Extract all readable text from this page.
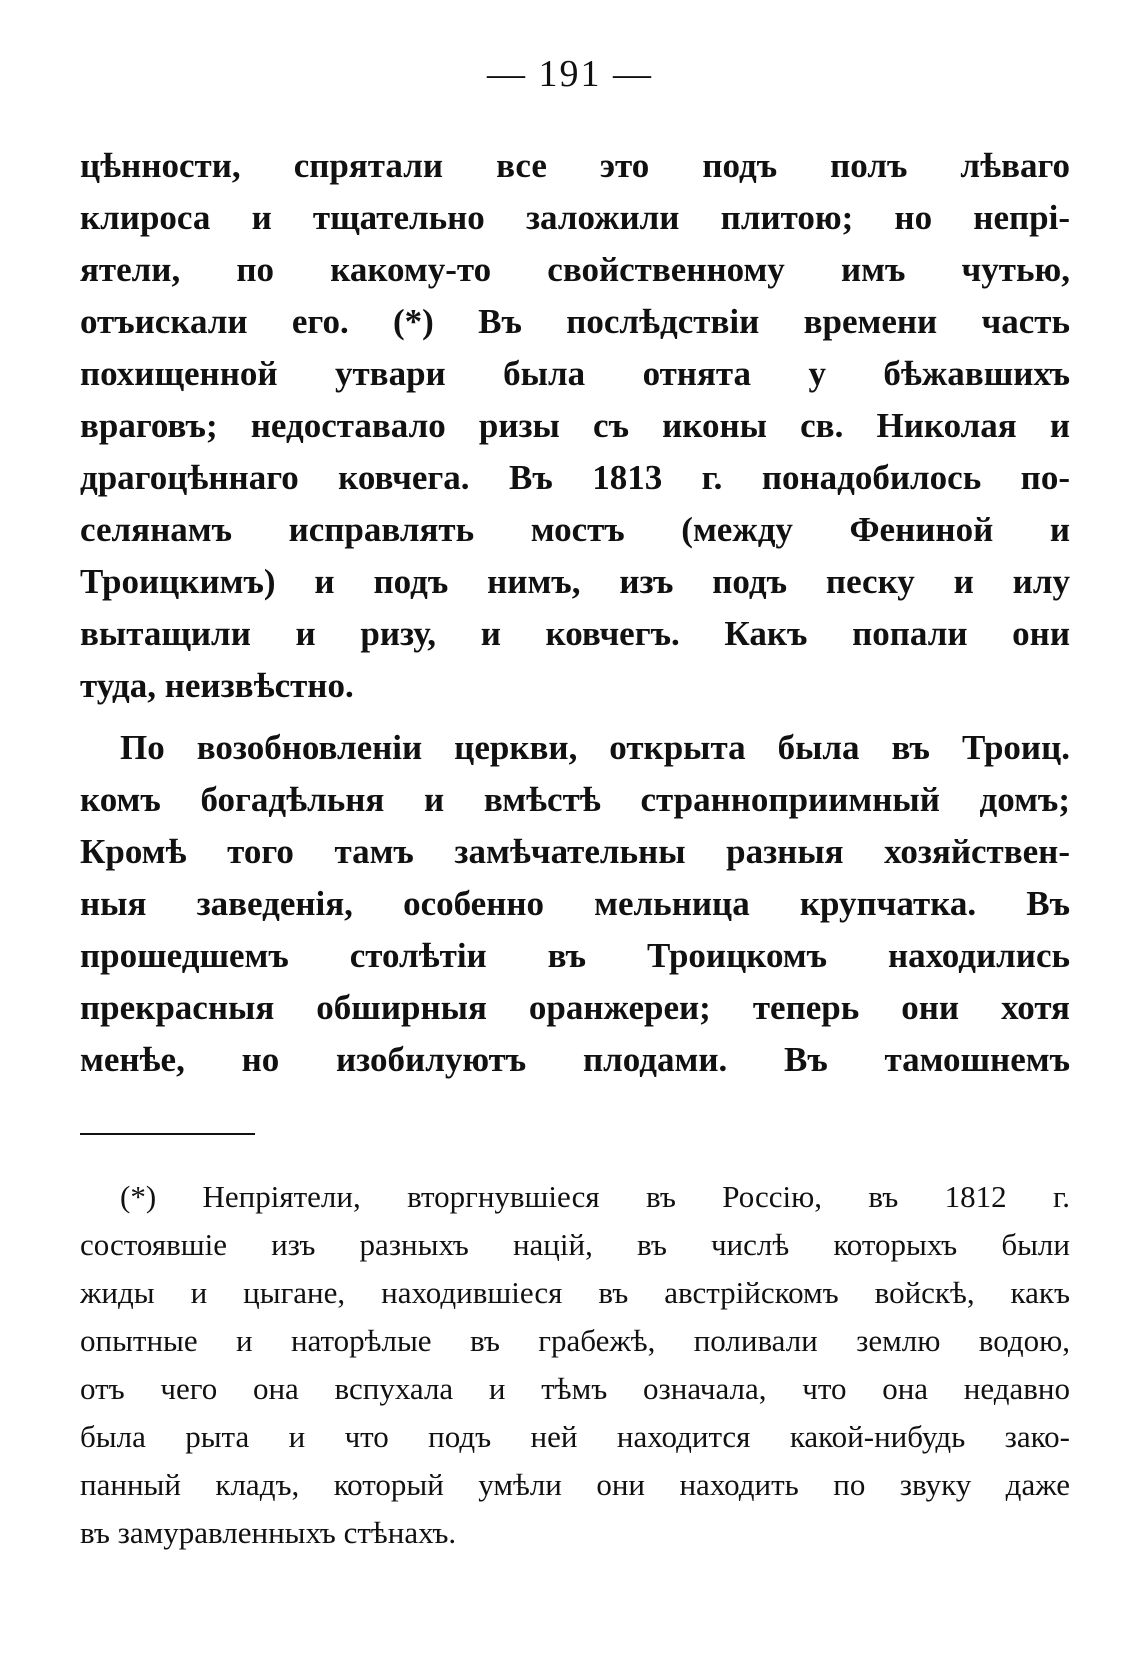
— 191 —
цѣнности, спрятали все это подъ полъ лѣваго
клироса и тщательно заложили плитою; но непрі-
ятели, по какому-то свойственному имъ чутью,
отъискали его. (*) Въ послѣдствіи времени часть
похищенной утвари была отнята у бѣжавшихъ
враговъ; недоставало ризы съ иконы св. Николая и
драгоцѣннаго ковчега. Въ 1813 г. понадобилось по-
селянамъ исправлять мостъ (между Фениной и
Троицкимъ) и подъ нимъ, изъ подъ песку и илу
вытащили и ризу, и ковчегъ. Какъ попали они
туда, неизвѣстно.
По возобновленіи церкви, открыта была въ Троиц.
комъ богадѣльня и вмѣстѣ странноприимный домъ;
Кромѣ того тамъ замѣчательны разныя хозяйствен-
ныя заведенія, особенно мельница крупчатка. Въ
прошедшемъ столѣтіи въ Троицкомъ находились
прекрасныя обширныя оранжереи; теперь они хотя
менѣе, но изобилуютъ плодами. Въ тамошнемъ
(*) Непріятели, вторгнувшіеся въ Россію, въ 1812 г.
состоявшіе изъ разныхъ націй, въ числѣ которыхъ были
жиды и цыгане, находившіеся въ австрійскомъ войскѣ, какъ
опытные и наторѣлые въ грабежѣ, поливали землю водою,
отъ чего она вспухала и тѣмъ означала, что она недавно
была рыта и что подъ ней находится какой-нибудь зако-
панный кладъ, который умѣли они находить по звуку даже
въ замуравленныхъ стѣнахъ.
